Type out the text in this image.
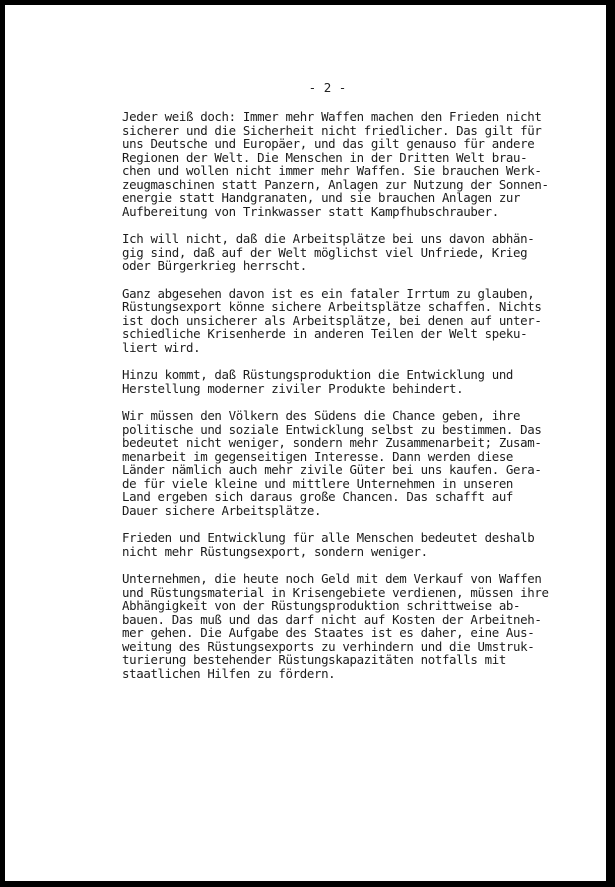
- 2 -
Jeder weiß doch: Immer mehr Waffen machen den Frieden nicht
sicherer und die Sicherheit nicht friedlicher. Das gilt für
uns Deutsche und Europäer, und das gilt genauso für andere
Regionen der Welt. Die Menschen in der Dritten Welt brau-
chen und wollen nicht immer mehr Waffen. Sie brauchen Werk-
zeugmaschinen statt Panzern, Anlagen zur Nutzung der Sonnen-
energie statt Handgranaten, und sie brauchen Anlagen zur
Aufbereitung von Trinkwasser statt Kampfhubschrauber.
Ich will nicht, daß die Arbeitsplätze bei uns davon abhän-
gig sind, daß auf der Welt möglichst viel Unfriede, Krieg
oder Bürgerkrieg herrscht.
Ganz abgesehen davon ist es ein fataler Irrtum zu glauben,
Rüstungsexport könne sichere Arbeitsplätze schaffen. Nichts
ist doch unsicherer als Arbeitsplätze, bei denen auf unter-
schiedliche Krisenherde in anderen Teilen der Welt speku-
liert wird.
Hinzu kommt, daß Rüstungsproduktion die Entwicklung und
Herstellung moderner ziviler Produkte behindert.
Wir müssen den Völkern des Südens die Chance geben, ihre
politische und soziale Entwicklung selbst zu bestimmen. Das
bedeutet nicht weniger, sondern mehr Zusammenarbeit; Zusam-
menarbeit im gegenseitigen Interesse. Dann werden diese
Länder nämlich auch mehr zivile Güter bei uns kaufen. Gera-
de für viele kleine und mittlere Unternehmen in unseren
Land ergeben sich daraus große Chancen. Das schafft auf
Dauer sichere Arbeitsplätze.
Frieden und Entwicklung für alle Menschen bedeutet deshalb
nicht mehr Rüstungsexport, sondern weniger.
Unternehmen, die heute noch Geld mit dem Verkauf von Waffen
und Rüstungsmaterial in Krisengebiete verdienen, müssen ihre
Abhängigkeit von der Rüstungsproduktion schrittweise ab-
bauen. Das muß und das darf nicht auf Kosten der Arbeitneh-
mer gehen. Die Aufgabe des Staates ist es daher, eine Aus-
weitung des Rüstungsexports zu verhindern und die Umstruk-
turierung bestehender Rüstungskapazitäten notfalls mit
staatlichen Hilfen zu fördern.
